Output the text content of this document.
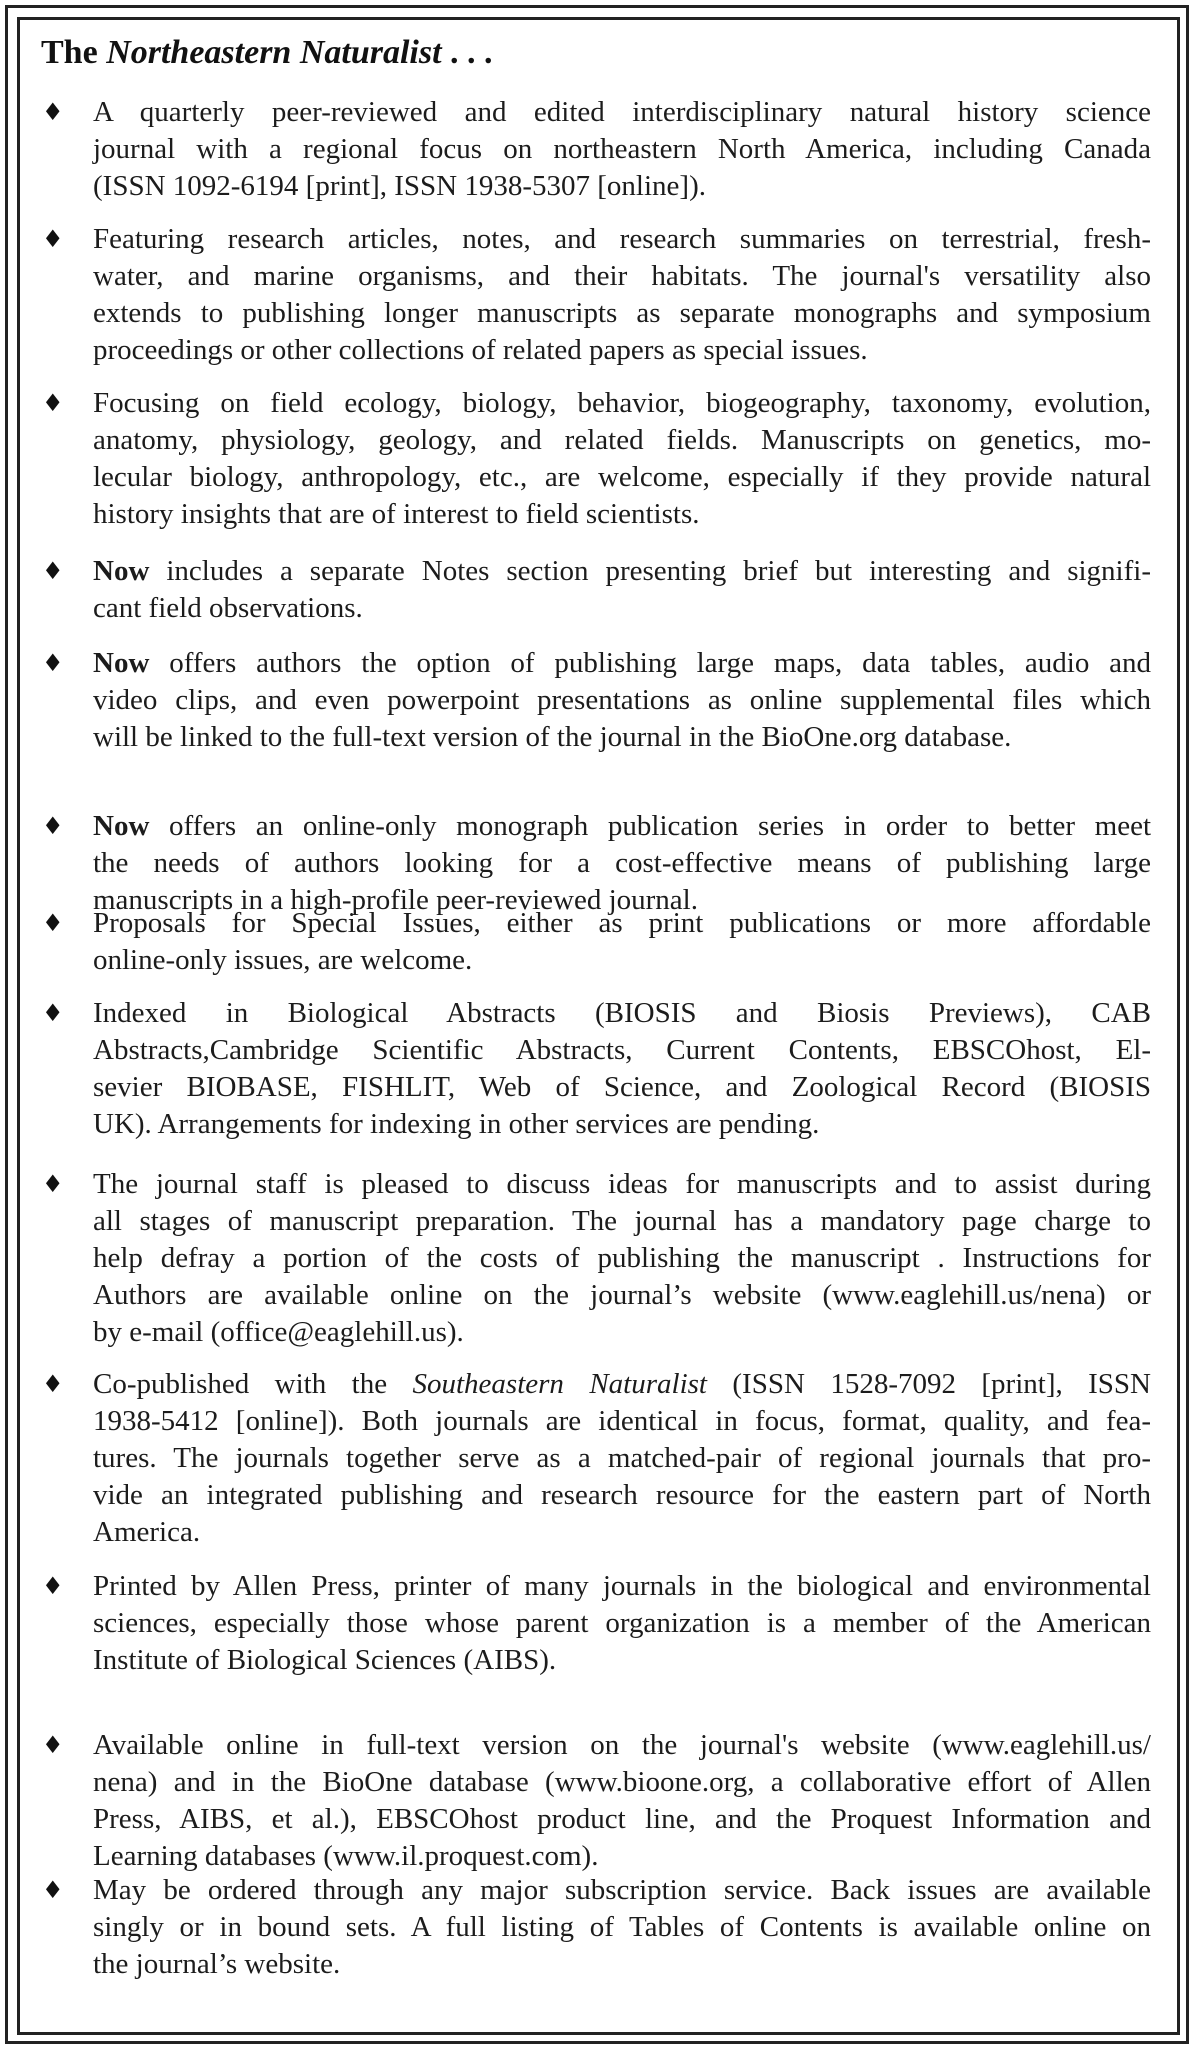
The Northeastern Naturalist . . .
♦ A quarterly peer-reviewed and edited interdisciplinary natural history science
journal with a regional focus on northeastern North America, including Canada
(ISSN 1092-6194 [print], ISSN 1938-5307 [online]).
♦ Featuring research articles, notes, and research summaries on terrestrial, fresh-
water, and marine organisms, and their habitats. The journal's versatility also
extends to publishing longer manuscripts as separate monographs and symposium
proceedings or other collections of related papers as special issues.
♦ Focusing on field ecology, biology, behavior, biogeography, taxonomy, evolution,
anatomy, physiology, geology, and related fields. Manuscripts on genetics, mo-
lecular biology, anthropology, etc., are welcome, especially if they provide natural
history insights that are of interest to field scientists.
♦ Now includes a separate Notes section presenting brief but interesting and signifi-
cant field observations.
♦ Now offers authors the option of publishing large maps, data tables, audio and
video clips, and even powerpoint presentations as online supplemental files which
will be linked to the full-text version of the journal in the BioOne.org database.
♦ Now offers an online-only monograph publication series in order to better meet
the needs of authors looking for a cost-effective means of publishing large
manuscripts in a high-profile peer-reviewed journal.
♦ Proposals for Special Issues, either as print publications or more affordable
online-only issues, are welcome.
♦ Indexed in Biological Abstracts (BIOSIS and Biosis Previews), CAB
Abstracts,Cambridge Scientific Abstracts, Current Contents, EBSCOhost, El-
sevier BIOBASE, FISHLIT, Web of Science, and Zoological Record (BIOSIS
UK). Arrangements for indexing in other services are pending.
♦ The journal staff is pleased to discuss ideas for manuscripts and to assist during
all stages of manuscript preparation. The journal has a mandatory page charge to
help defray a portion of the costs of publishing the manuscript . Instructions for
Authors are available online on the journal’s website (www.eaglehill.us/nena) or
by e-mail (office@eaglehill.us).
♦ Co-published with the Southeastern Naturalist (ISSN 1528-7092 [print], ISSN
1938-5412 [online]). Both journals are identical in focus, format, quality, and fea-
tures. The journals together serve as a matched-pair of regional journals that pro-
vide an integrated publishing and research resource for the eastern part of North
America.
♦ Printed by Allen Press, printer of many journals in the biological and environmental
sciences, especially those whose parent organization is a member of the American
Institute of Biological Sciences (AIBS).
♦ Available online in full-text version on the journal's website (www.eaglehill.us/
nena) and in the BioOne database (www.bioone.org, a collaborative effort of Allen
Press, AIBS, et al.), EBSCOhost product line, and the Proquest Information and
Learning databases (www.il.proquest.com).
♦ May be ordered through any major subscription service. Back issues are available
singly or in bound sets. A full listing of Tables of Contents is available online on
the journal’s website.
